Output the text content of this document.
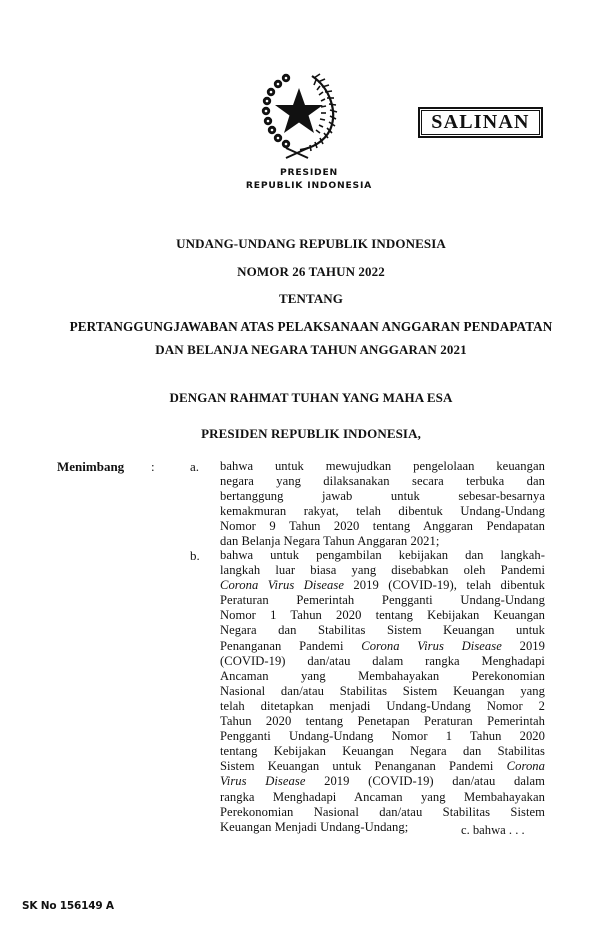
SALINAN
PRESIDEN
REPUBLIK INDONESIA
UNDANG-UNDANG REPUBLIK INDONESIA
NOMOR 26 TAHUN 2022
TENTANG
PERTANGGUNGJAWABAN ATAS PELAKSANAAN ANGGARAN PENDAPATAN
DAN BELANJA NEGARA TAHUN ANGGARAN 2021
DENGAN RAHMAT TUHAN YANG MAHA ESA
PRESIDEN REPUBLIK INDONESIA,
Menimbang :	a. bahwa untuk mewujudkan pengelolaan keuangan
negara yang dilaksanakan secara terbuka dan
bertanggung jawab untuk sebesar-besarnya
kemakmuran rakyat, telah dibentuk Undang-Undang
Nomor 9 Tahun 2020 tentang Anggaran Pendapatan
dan Belanja Negara Tahun Anggaran 2021;
b. bahwa untuk pengambilan kebijakan dan langkah-
langkah luar biasa yang disebabkan oleh Pandemi
Corona Virus Disease 2019 (COVID-19), telah dibentuk
Peraturan Pemerintah Pengganti Undang-Undang
Nomor 1 Tahun 2020 tentang Kebijakan Keuangan
Negara dan Stabilitas Sistem Keuangan untuk
Penanganan Pandemi Corona Virus Disease 2019
(COVID-19) dan/atau dalam rangka Menghadapi
Ancaman yang Membahayakan Perekonomian
Nasional dan/atau Stabilitas Sistem Keuangan yang
telah ditetapkan menjadi Undang-Undang Nomor 2
Tahun 2020 tentang Penetapan Peraturan Pemerintah
Pengganti Undang-Undang Nomor 1 Tahun 2020
tentang Kebijakan Keuangan Negara dan Stabilitas
Sistem Keuangan untuk Penanganan Pandemi Corona
Virus Disease 2019 (COVID-19) dan/atau dalam
rangka Menghadapi Ancaman yang Membahayakan
Perekonomian Nasional dan/atau Stabilitas Sistem
Keuangan Menjadi Undang-Undang;	c. bahwa . . .
SK No 156149 A
